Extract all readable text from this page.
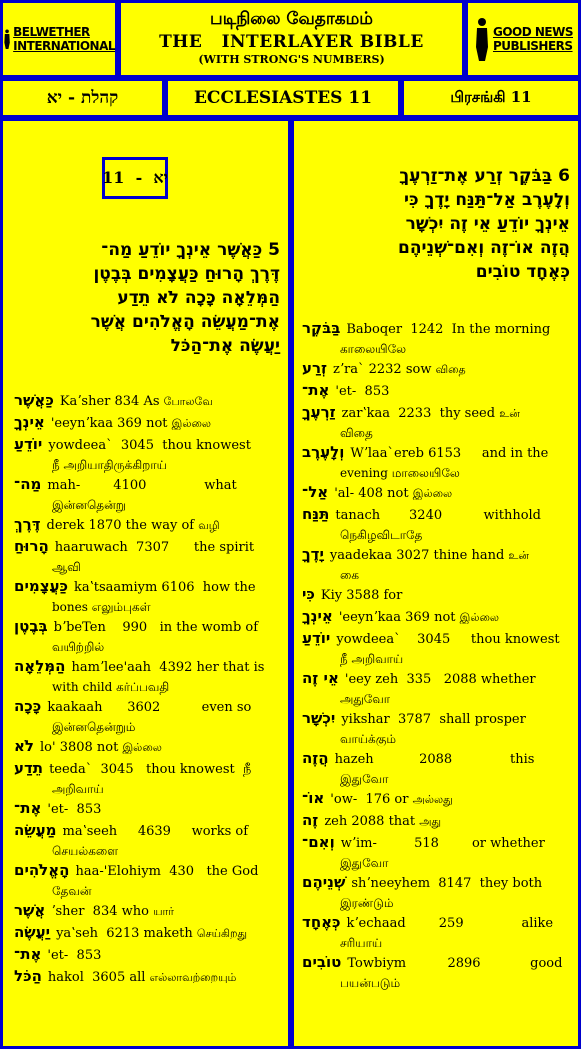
BELWETHER
INTERNATIONAL
படிநிலை வேதாகமம்
THE   INTERLAYER BIBLE
(WITH STRONG'S NUMBERS)
GOOD NEWS
PUBLISHERS
קהלת - יא	ECCLESIASTES 11	பிரசங்கி 11
יא  -  11
5 כַּאֲשֶׁר אֵינְךָ יוֹדֵעַ מַה־
דֶּרֶךְ הָרוּחַ כַּעֲצָמִים בְּבֶטֶן
הַמְּלֵאָה כָּכָה לֹא תֵדַע
אֶת־מַעֲשֵׂה הָאֱלֹהִים אֲשֶׁר
יַעֲשֶׂה אֶת־הַכֹּל
6 בַּבֹּקֶר זְרַע אֶת־זַרְעֶךָ
וְלָעֶרֶב אַל־תַּנַּח יָדֶךָ כִּי
אֵינְךָ יוֹדֵעַ אֵי זֶה יִכְשָׁר
הֲזֶה אוֹ־זֶה וְאִם־שְׁנֵיהֶם
כְּאֶחָד טוֹבִים
כַּאֲשֶׁר Kaʼsher 834 As போலவே
אֵינְךָ 'eeynʼkaa 369 not இல்லை
יוֹדֵעַ yowdeea`  3045  thou knowest
நீ அறியாதிருக்கிறாய்
מַה־ mah-        4100              what
இன்னதென்று
דֶּרֶךְ derek 1870 the way of வழி
הָרוּחַ haaruwach  7307      the spirit
ஆவி
כַּעֲצָמִים kaʽtsaamiym 6106  how the
bones எலும்புகள்
בְּבֶטֶן bʼbeTen    990   in the womb of
வயிற்றில்
הַמְּלֵאָה hamʼlee'aah  4392 her that is
with child கர்ப்பவதி
כָּכָה kaakaah      3602          even so
இன்னதென்றும்
לֹא lo' 3808 not இல்லை
תֵדַע teeda`  3045   thou knowest  நீ
அறிவாய்
אֶת־ 'et-  853
מַעֲשֵׂה maʽseeh     4639     works of
செயல்களை
הָאֱלֹהִים haa-'Elohiym  430   the God
தேவன்
אֲשֶׁר ʼsher  834 who யார்
יַעֲשֶׂה yaʽseh  6213 maketh செய்கிறது
אֶת־ 'et-  853
הַכֹּל hakol  3605 all எல்லாவற்றையும்
בַּבֹּקֶר Baboqer  1242  In the morning
காலையிலே
זְרַע zʼra` 2232 sow விதை
אֶת־ 'et-  853
זַרְעֶךָ zarʽkaa  2233  thy seed உன்
விதை
וְלָעֶרֶב Wʼlaa`ereb 6153     and in the
evening மாலையிலே
אַל־ 'al- 408 not இல்லை
תַּנַּח tanach       3240          withhold
நெகிழவிடாதே
יָדֶךָ yaadekaa 3027 thine hand உன்
கை
כִּי Kiy 3588 for
אֵינְךָ 'eeynʼkaa 369 not இல்லை
יוֹדֵעַ yowdeea`    3045     thou knowest
நீ அறிவாய்
אֵי זֶה 'eey zeh  335   2088 whether
அதுவோ
יִכְשָׁר yikshar  3787  shall prosper
வாய்க்கும்
הֲזֶה hazeh           2088              this
இதுவோ
אוֹ־ 'ow-  176 or அல்லது
זֶה zeh 2088 that அது
וְאִם־ wʼim-         518        or whether
இதுவோ
שְׁנֵיהֶם shʼneeyhem  8147  they both
இரண்டும்
כְּאֶחָד kʼechaad        259              alike
சரியாய்
טוֹבִים Towbiym          2896            good
பயன்படும்
